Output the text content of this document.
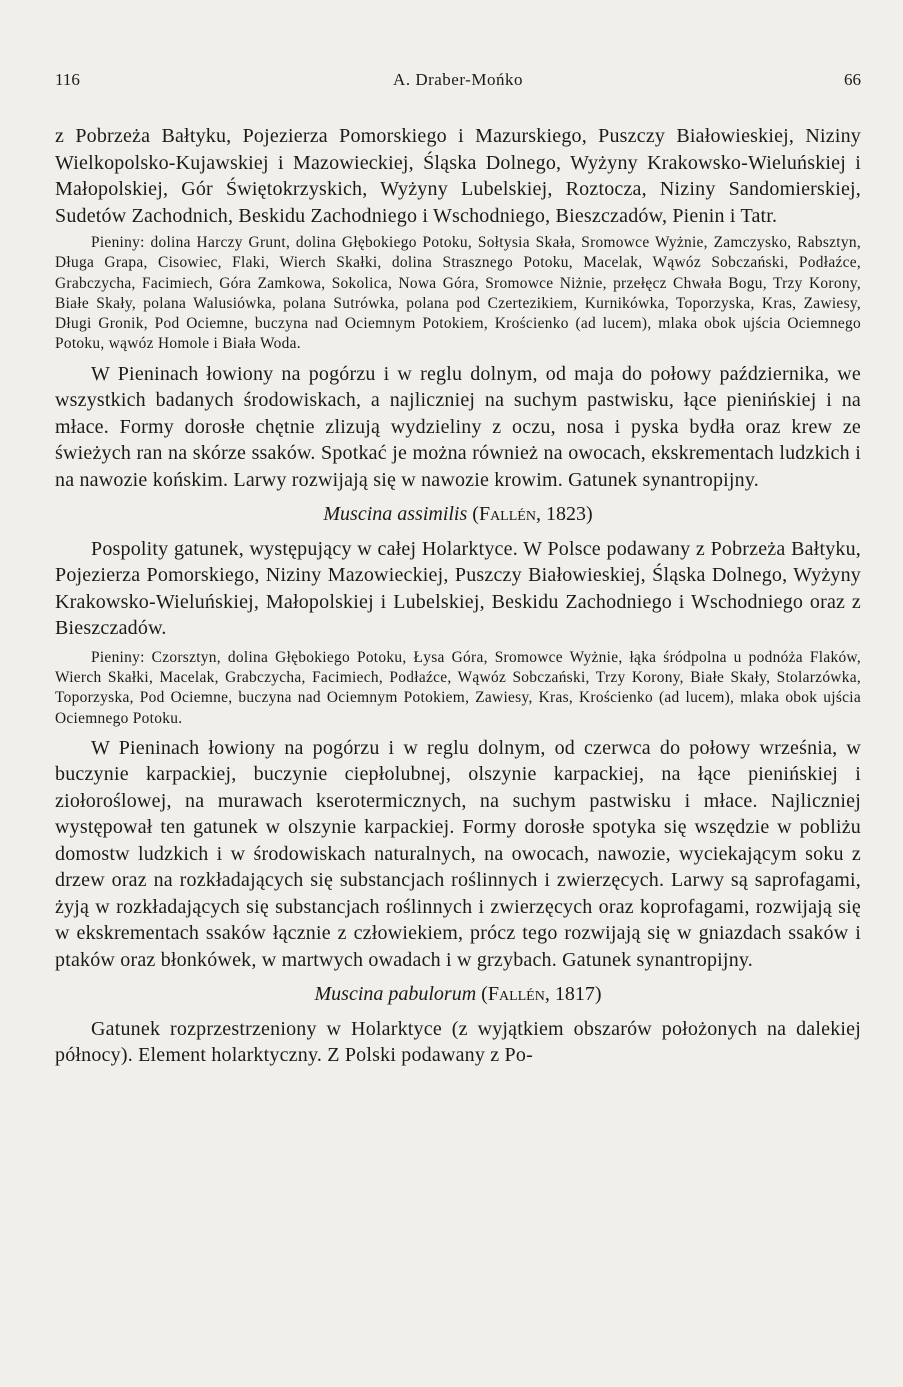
116	A. Draber-Mońko	66

z Pobrzeża Bałtyku, Pojezierza Pomorskiego i Mazurskiego, Puszczy Białowieskiej, Niziny Wielkopolsko-Kujawskiej i Mazowieckiej, Śląska Dolnego, Wyżyny Krakowsko-Wieluńskiej i Małopolskiej, Gór Świętokrzyskich, Wyżyny Lubelskiej, Roztocza, Niziny Sandomierskiej, Sudetów Zachodnich, Beskidu Zachodniego i Wschodniego, Bieszczadów, Pienin i Tatr.

Pieniny: dolina Harczy Grunt, dolina Głębokiego Potoku, Sołtysia Skała, Sromowce Wyżnie, Zamczysko, Rabsztyn, Długa Grapa, Cisowiec, Flaki, Wierch Skałki, dolina Strasznego Potoku, Macelak, Wąwóz Sobczański, Podłaźce, Grabczycha, Facimiech, Góra Zamkowa, Sokolica, Nowa Góra, Sromowce Niżnie, przełęcz Chwała Bogu, Trzy Korony, Białe Skały, polana Walusiówka, polana Sutrówka, polana pod Czertezikiem, Kurnikówka, Toporzyska, Kras, Zawiesy, Długi Gronik, Pod Ociemne, buczyna nad Ociemnym Potokiem, Krościenko (ad lucem), mlaka obok ujścia Ociemnego Potoku, wąwóz Homole i Biała Woda.

W Pieninach łowiony na pogórzu i w reglu dolnym, od maja do połowy października, we wszystkich badanych środowiskach, a najliczniej na suchym pastwisku, łące pienińskiej i na młace. Formy dorosłe chętnie zlizują wydzieliny z oczu, nosa i pyska bydła oraz krew ze świeżych ran na skórze ssaków. Spotkać je można również na owocach, ekskrementach ludzkich i na nawozie końskim. Larwy rozwijają się w nawozie krowim. Gatunek synantropijny.

Muscina assimilis (Fallén, 1823)

Pospolity gatunek, występujący w całej Holarktyce. W Polsce podawany z Pobrzeża Bałtyku, Pojezierza Pomorskiego, Niziny Mazowieckiej, Puszczy Białowieskiej, Śląska Dolnego, Wyżyny Krakowsko-Wieluńskiej, Małopolskiej i Lubelskiej, Beskidu Zachodniego i Wschodniego oraz z Bieszczadów.

Pieniny: Czorsztyn, dolina Głębokiego Potoku, Łysa Góra, Sromowce Wyżnie, łąka śródpolna u podnóża Flaków, Wierch Skałki, Macelak, Grabczycha, Facimiech, Podłaźce, Wąwóz Sobczański, Trzy Korony, Białe Skały, Stolarzówka, Toporzyska, Pod Ociemne, buczyna nad Ociemnym Potokiem, Zawiesy, Kras, Krościenko (ad lucem), mlaka obok ujścia Ociemnego Potoku.

W Pieninach łowiony na pogórzu i w reglu dolnym, od czerwca do połowy września, w buczynie karpackiej, buczynie ciepłolubnej, olszynie karpackiej, na łące pienińskiej i ziołoroślowej, na murawach kserotermicznych, na suchym pastwisku i młace. Najliczniej występował ten gatunek w olszynie karpackiej. Formy dorosłe spotyka się wszędzie w pobliżu domostw ludzkich i w środowiskach naturalnych, na owocach, nawozie, wyciekającym soku z drzew oraz na rozkładających się substancjach roślinnych i zwierzęcych. Larwy są saprofagami, żyją w rozkładających się substancjach roślinnych i zwierzęcych oraz koprofagami, rozwijają się w ekskrementach ssaków łącznie z człowiekiem, prócz tego rozwijają się w gniazdach ssaków i ptaków oraz błonkówek, w martwych owadach i w grzybach. Gatunek synantropijny.

Muscina pabulorum (Fallén, 1817)

Gatunek rozprzestrzeniony w Holarktyce (z wyjątkiem obszarów położonych na dalekiej północy). Element holarktyczny. Z Polski podawany z Po-
